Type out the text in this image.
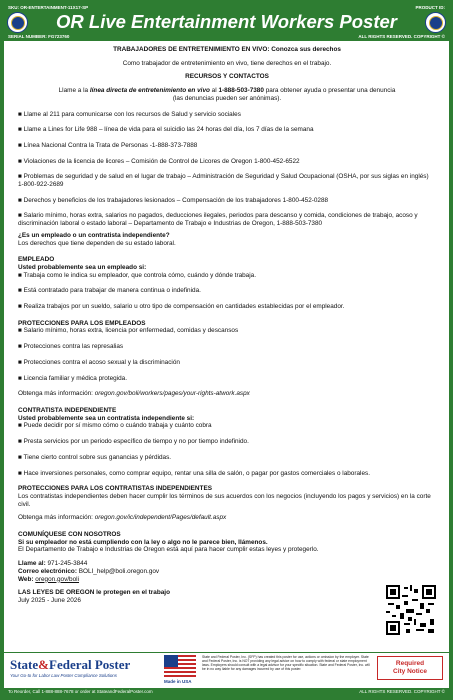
SKU: OR-ENTERTAINMENT-11X17-SP	PRODUCT ID:
OR Live Entertainment Workers Poster
SERIAL NUMBER: FG723760	ALL RIGHTS RESERVED. COPYRIGHT ©

TRABAJADORES DE ENTRETENIMIENTO EN VIVO: Conozca sus derechos

Como trabajador de entretenimiento en vivo, tiene derechos en el trabajo.

RECURSOS Y CONTACTOS

Llame a la línea directa de entretenimiento en vivo al 1-888-503-7380 para obtener ayuda o presentar una denuncia

(las denuncias pueden ser anónimas).

■ Llame al 211 para comunicarse con los recursos de Salud y servicio sociales

■ Llame a Lines for Life 988 – línea de vida para el suicidio las 24 horas del día, los 7 días de la semana

■ Línea Nacional Contra la Trata de Personas -1-888-373-7888

■ Violaciones de la licencia de licores – Comisión de Control de Licores de Oregon 1-800-452-6522

■ Problemas de seguridad y de salud en el lugar de trabajo – Administración de Seguridad y Salud Ocupacional (OSHA, por sus siglas en inglés) 1-800-922-2689

■ Derechos y beneficios de los trabajadores lesionados – Compensación de los trabajadores 1-800-452-0288

■ Salario mínimo, horas extra, salarios no pagados, deducciones ilegales, periodos para descanso y comida, condiciones de trabajo, acoso y discriminación laboral o estado laboral – Departamento de Trabajo e Industrias de Oregon, 1-888-503-7380

¿Es un empleado o un contratista independiente?

Los derechos que tiene dependen de su estado laboral.

EMPLEADO

Usted probablemente sea un empleado si:

■ Trabaja como le indica su empleador, que controla cómo, cuándo y dónde trabaja.

■ Está contratado para trabajar de manera continua o indefinida.

■ Realiza trabajos por un sueldo, salario u otro tipo de compensación en cantidades establecidas por el empleador.

PROTECCIONES PARA LOS EMPLEADOS

■ Salario mínimo, horas extra, licencia por enfermedad, comidas y descansos

■ Protecciones contra las represalias

■ Protecciones contra el acoso sexual y la discriminación

■ Licencia familiar y médica protegida.

Obtenga más información: oregon.gov/boli/workers/pages/your-rights-atwork.aspx

CONTRATISTA INDEPENDIENTE

Usted probablemente sea un contratista independiente si:

■ Puede decidir por sí mismo cómo o cuándo trabaja y cuánto cobra

■ Presta servicios por un periodo específico de tiempo y no por tiempo indefinido.

■ Tiene cierto control sobre sus ganancias y pérdidas.

■ Hace inversiones personales, como comprar equipo, rentar una silla de salón, o pagar por gastos comerciales o laborales.

PROTECCIONES PARA LOS CONTRATISTAS INDEPENDIENTES

Los contratistas independientes deben hacer cumplir los términos de sus acuerdos con los negocios (incluyendo los pagos y servicios) en la corte civil.

Obtenga más información: oregon.gov/ic/independent/Pages/default.aspx

COMUNÍQUESE CON NOSOTROS

Si su empleador no está cumpliendo con la ley o algo no le parece bien, llámenos.

El Departamento de Trabajo e Industrias de Oregon está aquí para hacer cumplir estas leyes y protegerlo.

Llame al: 971-245-3844

Correo electrónico: BOLI_help@boli.oregon.gov

Web: oregon.gov/boli

LAS LEYES DE OREGON le protegen en el trabajo

July 2025 - June 2026

State&Federal Poster
Your Go-to for Labor Law Poster Compliance Solutions
Made in USA
State and Federal Poster, Inc. (SFP) has created this poster for use, actions or omission by the employer. State and Federal Poster, Inc. is NOT providing any legal advice on how to comply with federal or state employment laws. Employers should consult with a legal advisor for your specific situation. State and Federal Poster, Inc. will be in no way liable for any damages incurred by use of this poster.
Required
City Notice
To Reorder, Call 1-888-888-7678 or order at StateandFederalPoster.com	ALL RIGHTS RESERVED. COPYRIGHT ©
